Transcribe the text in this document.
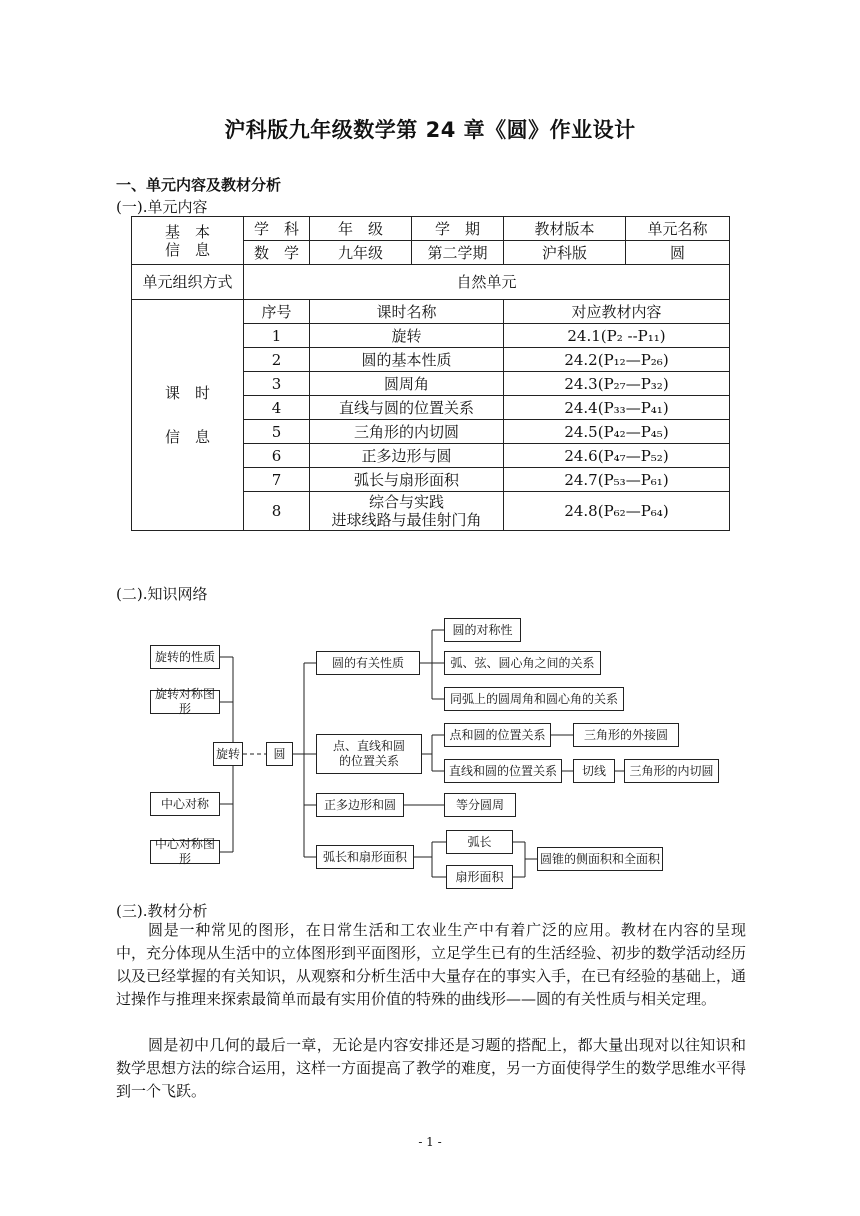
沪科版九年级数学第 24 章《圆》作业设计
一、单元内容及教材分析
(一).单元内容
基　本
信　息	学　科	年　级	学　期	教材版本	单元名称
	数　学	九年级	第二学期	沪科版	圆
单元组织方式	自然单元				

课　时
信　息	序号	课时名称		对应教材内容	
	1	旋转		24.1(P₂ --P₁₁)	
	2	圆的基本性质		24.2(P₁₂—P₂₆)	
	3	圆周角		24.3(P₂₇—P₃₂)	
	4	直线与圆的位置关系		24.4(P₃₃—P₄₁)	
	5	三角形的内切圆		24.5(P₄₂—P₄₅)	
	6	正多边形与圆		24.6(P₄₇—P₅₂)	
	7	弧长与扇形面积		24.7(P₅₃—P₆₁)	
	8	综合与实践
进球线路与最佳射门角		24.8(P₆₂—P₆₄)	
(二).知识网络
旋转的性质
旋转对称图形
中心对称
中心对称图形
旋转	圆
圆的有关性质
圆的对称性
弧、弦、圆心角之间的关系
同弧上的圆周角和圆心角的关系
点、直线和圆
的位置关系
点和圆的位置关系	三角形的外接圆
直线和圆的位置关系	切线	三角形的内切圆
正多边形和圆	等分圆周
弧长和扇形面积
弧长
扇形面积
圆锥的侧面积和全面积
(三).教材分析
圆是一种常见的图形，在日常生活和工农业生产中有着广泛的应用。教材在内容的呈现中，充分体现从生活中的立体图形到平面图形，立足学生已有的生活经验、初步的数学活动经历以及已经掌握的有关知识，从观察和分析生活中大量存在的事实入手，在已有经验的基础上，通过操作与推理来探索最简单而最有实用价值的特殊的曲线形——圆的有关性质与相关定理。
圆是初中几何的最后一章，无论是内容安排还是习题的搭配上，都大量出现对以往知识和数学思想方法的综合运用，这样一方面提高了教学的难度，另一方面使得学生的数学思维水平得到一个飞跃。
- 1 -
